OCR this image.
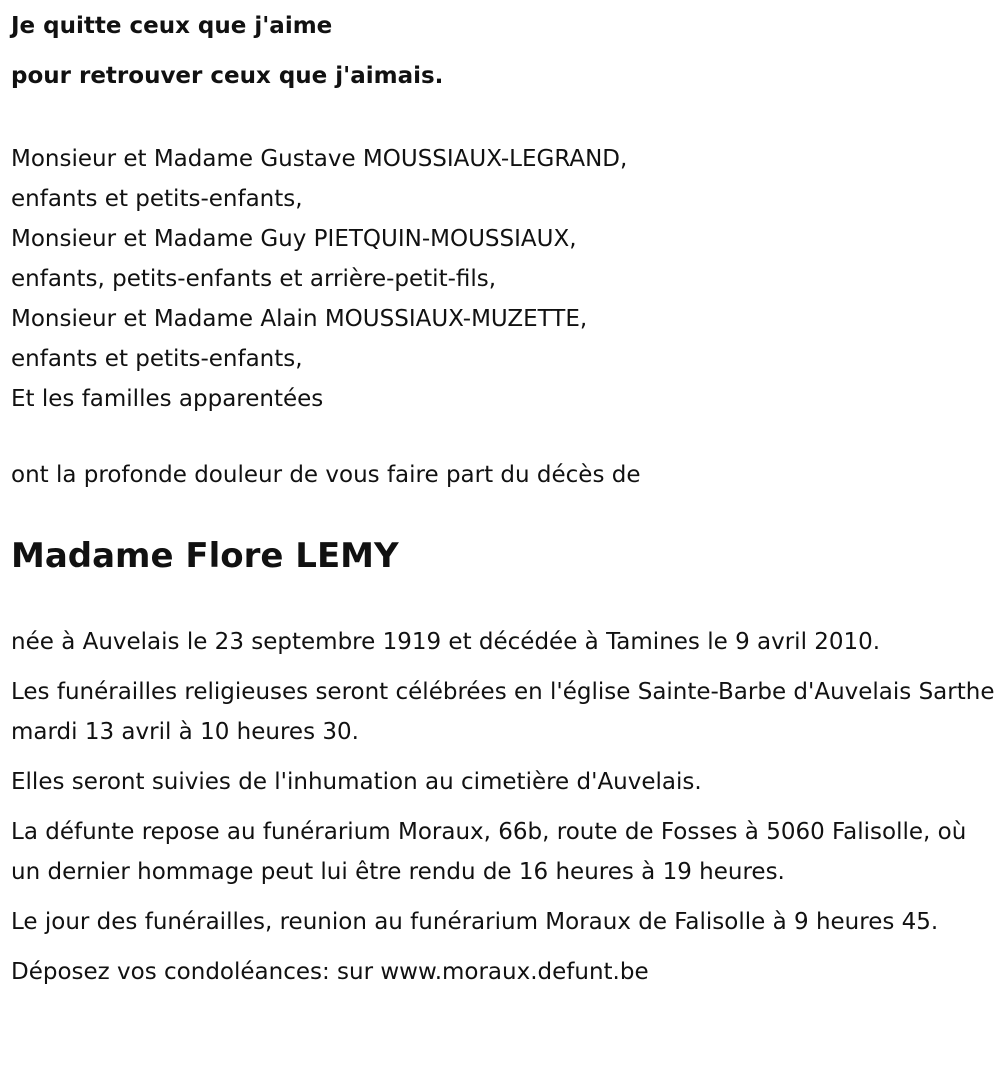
Je quitte ceux que j'aime

pour retrouver ceux que j'aimais.

Monsieur et Madame Gustave MOUSSIAUX-LEGRAND,
enfants et petits-enfants,
Monsieur et Madame Guy PIETQUIN-MOUSSIAUX,
enfants, petits-enfants et arrière-petit-fils,
Monsieur et Madame Alain MOUSSIAUX-MUZETTE,
enfants et petits-enfants,
Et les familles apparentées

ont la profonde douleur de vous faire part du décès de

Madame Flore LEMY

née à Auvelais le 23 septembre 1919 et décédée à Tamines le 9 avril 2010.

Les funérailles religieuses seront célébrées en l'église Sainte-Barbe d'Auvelais Sarthe mardi 13 avril à 10 heures 30.

Elles seront suivies de l'inhumation au cimetière d'Auvelais.

La défunte repose au funérarium Moraux, 66b, route de Fosses à 5060 Falisolle, où un dernier hommage peut lui être rendu de 16 heures à 19 heures.

Le jour des funérailles, reunion au funérarium Moraux de Falisolle à 9 heures 45.

Déposez vos condoléances: sur www.moraux.defunt.be
